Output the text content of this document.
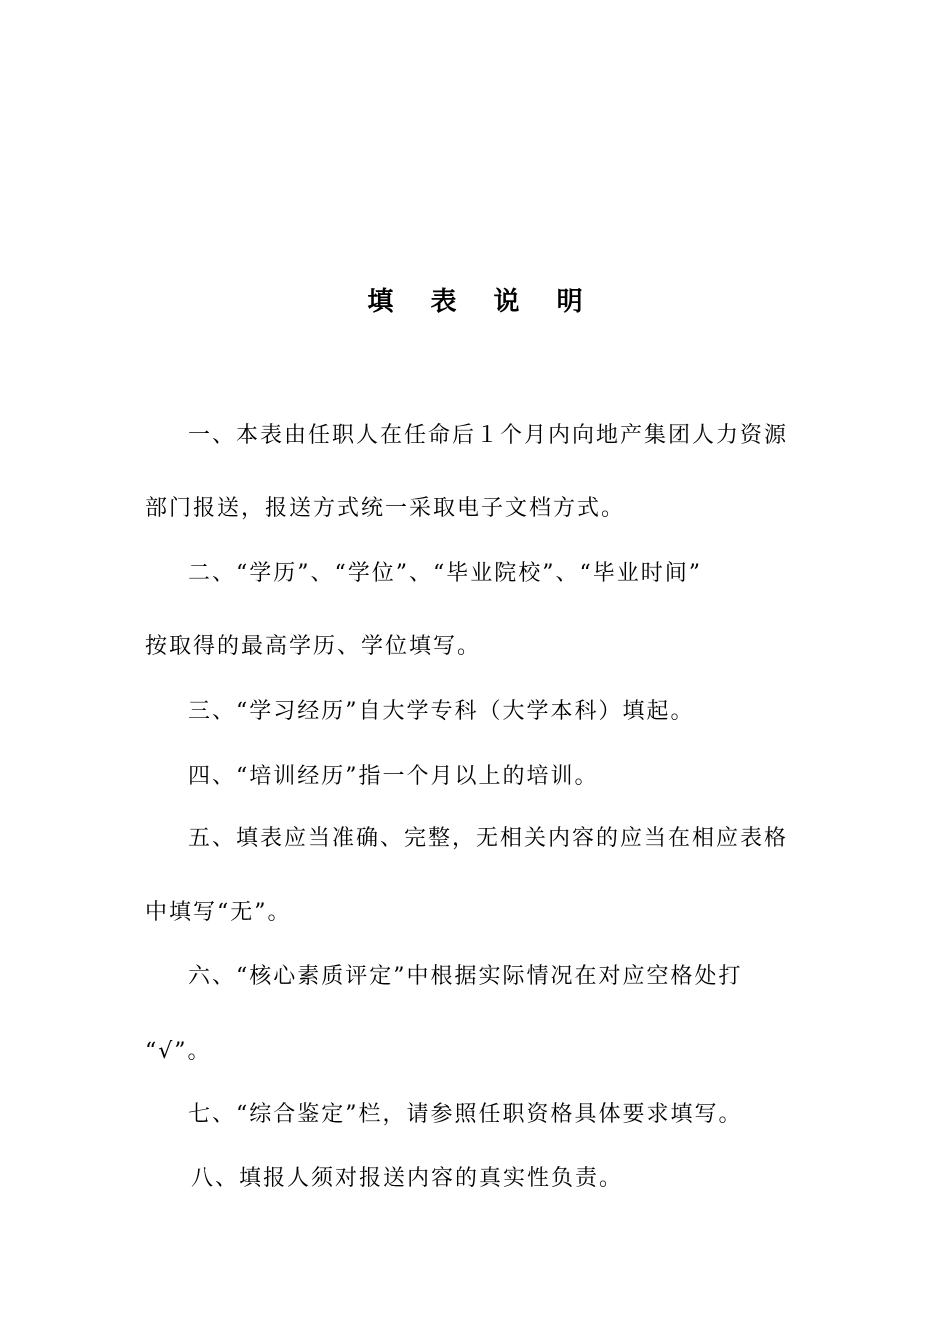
填 表 说 明
一、本表由任职人在任命后１个月内向地产集团人力资源
部门报送，报送方式统一采取电子文档方式。
二、“学历”、“学位”、“毕业院校”、“毕业时间”
按取得的最高学历、学位填写。
三、“学习经历”自大学专科（大学本科）填起。
四、“培训经历”指一个月以上的培训。
五、填表应当准确、完整，无相关内容的应当在相应表格
中填写“无”。
六、“核心素质评定”中根据实际情况在对应空格处打
“√”。
七、“综合鉴定”栏，请参照任职资格具体要求填写。
八、填报人须对报送内容的真实性负责。
